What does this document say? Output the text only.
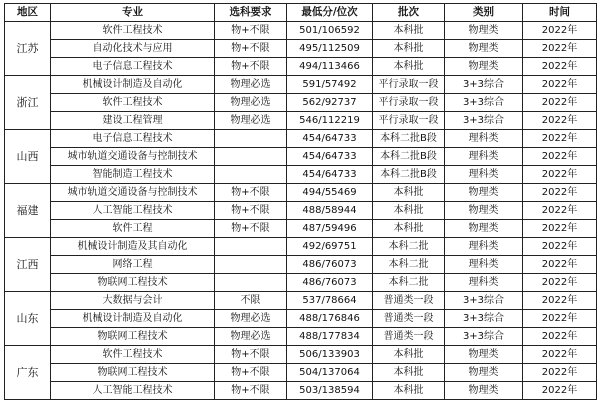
地区	专业	选科要求	最低分/位次	批次	类别	时间
江苏	软件工程技术	物+不限	501/106592	本科批	物理类	2022年
	自动化技术与应用	物+不限	495/112509	本科批	物理类	2022年
	电子信息工程技术	物+不限	494/113466	本科批	物理类	2022年
浙江	机械设计制造及自动化	物理必选	591/57492	平行录取一段	3+3综合	2022年
	软件工程技术	物理必选	562/92737	平行录取一段	3+3综合	2022年
	建设工程管理	物理必选	546/112219	平行录取一段	3+3综合	2022年
山西	电子信息工程技术		454/64733	本科二批B段	理科类	2022年
	城市轨道交通设备与控制技术		454/64733	本科二批B段	理科类	2022年
	智能制造工程技术		454/64733	本科二批B段	理科类	2022年
福建	城市轨道交通设备与控制技术	物+不限	494/55469	本科批	物理类	2022年
	人工智能工程技术	物+不限	488/58944	本科批	物理类	2022年
	软件工程	物+不限	487/59496	本科批	物理类	2022年
江西	机械设计制造及其自动化		492/69751	本科二批	理科类	2022年
	网络工程		486/76073	本科二批	理科类	2022年
	物联网工程技术		486/76073	本科二批	理科类	2022年
山东	大数据与会计	不限	537/78664	普通类一段	3+3综合	2022年
	机械设计制造及自动化	物理必选	488/176846	普通类一段	3+3综合	2022年
	物联网工程技术	物理必选	488/177834	普通类一段	3+3综合	2022年
广东	软件工程技术	物+不限	506/133903	本科批	物理类	2022年
	物联网工程技术	物+不限	504/137064	本科批	物理类	2022年
	人工智能工程技术	物+不限	503/138594	本科批	物理类	2022年
